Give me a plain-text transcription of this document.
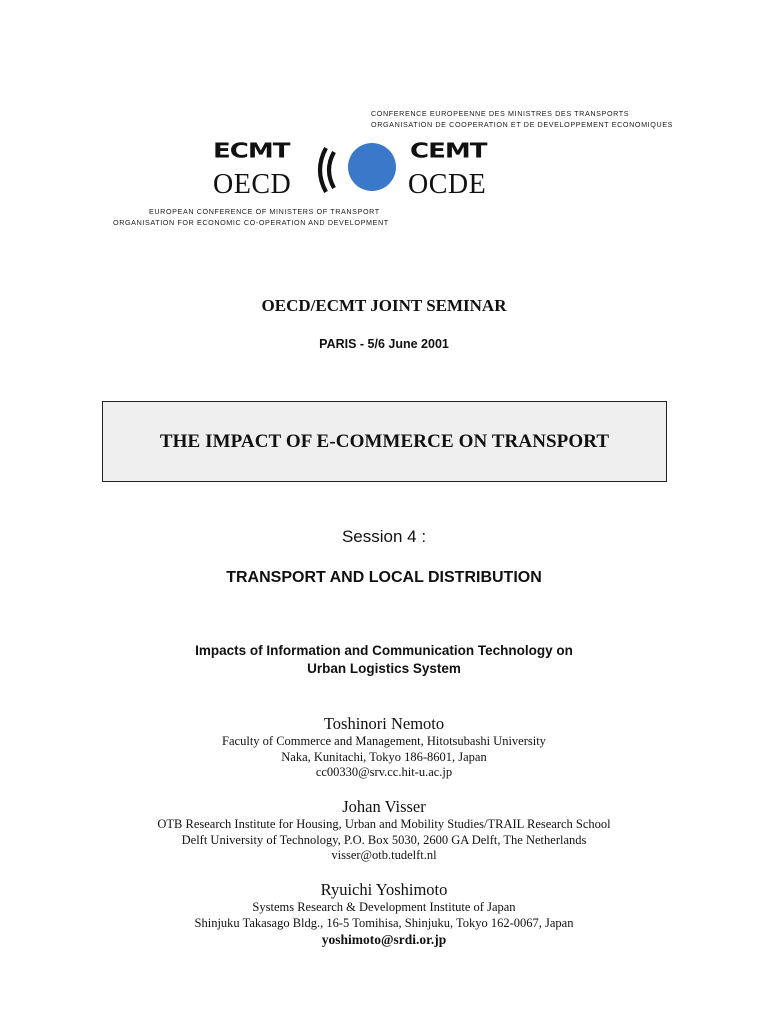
CONFERENCE EUROPEENNE DES MINISTRES DES TRANSPORTS
ORGANISATION DE COOPERATION ET DE DEVELOPPEMENT ECONOMIQUES
ECMT	CEMT
OECD	OCDE
EUROPEAN CONFERENCE OF MINISTERS OF TRANSPORT
ORGANISATION FOR ECONOMIC CO-OPERATION AND DEVELOPMENT
OECD/ECMT JOINT SEMINAR
PARIS - 5/6 June 2001
THE IMPACT OF E-COMMERCE ON TRANSPORT
Session 4 :
TRANSPORT AND LOCAL DISTRIBUTION
Impacts of Information and Communication Technology on
Urban Logistics System
Toshinori Nemoto
Faculty of Commerce and Management, Hitotsubashi University
Naka, Kunitachi, Tokyo 186-8601, Japan
cc00330@srv.cc.hit-u.ac.jp
Johan Visser
OTB Research Institute for Housing, Urban and Mobility Studies/TRAIL Research School
Delft University of Technology, P.O. Box 5030, 2600 GA Delft, The Netherlands
visser@otb.tudelft.nl
Ryuichi Yoshimoto
Systems Research & Development Institute of Japan
Shinjuku Takasago Bldg., 16-5 Tomihisa, Shinjuku, Tokyo 162-0067, Japan
yoshimoto@srdi.or.jp
